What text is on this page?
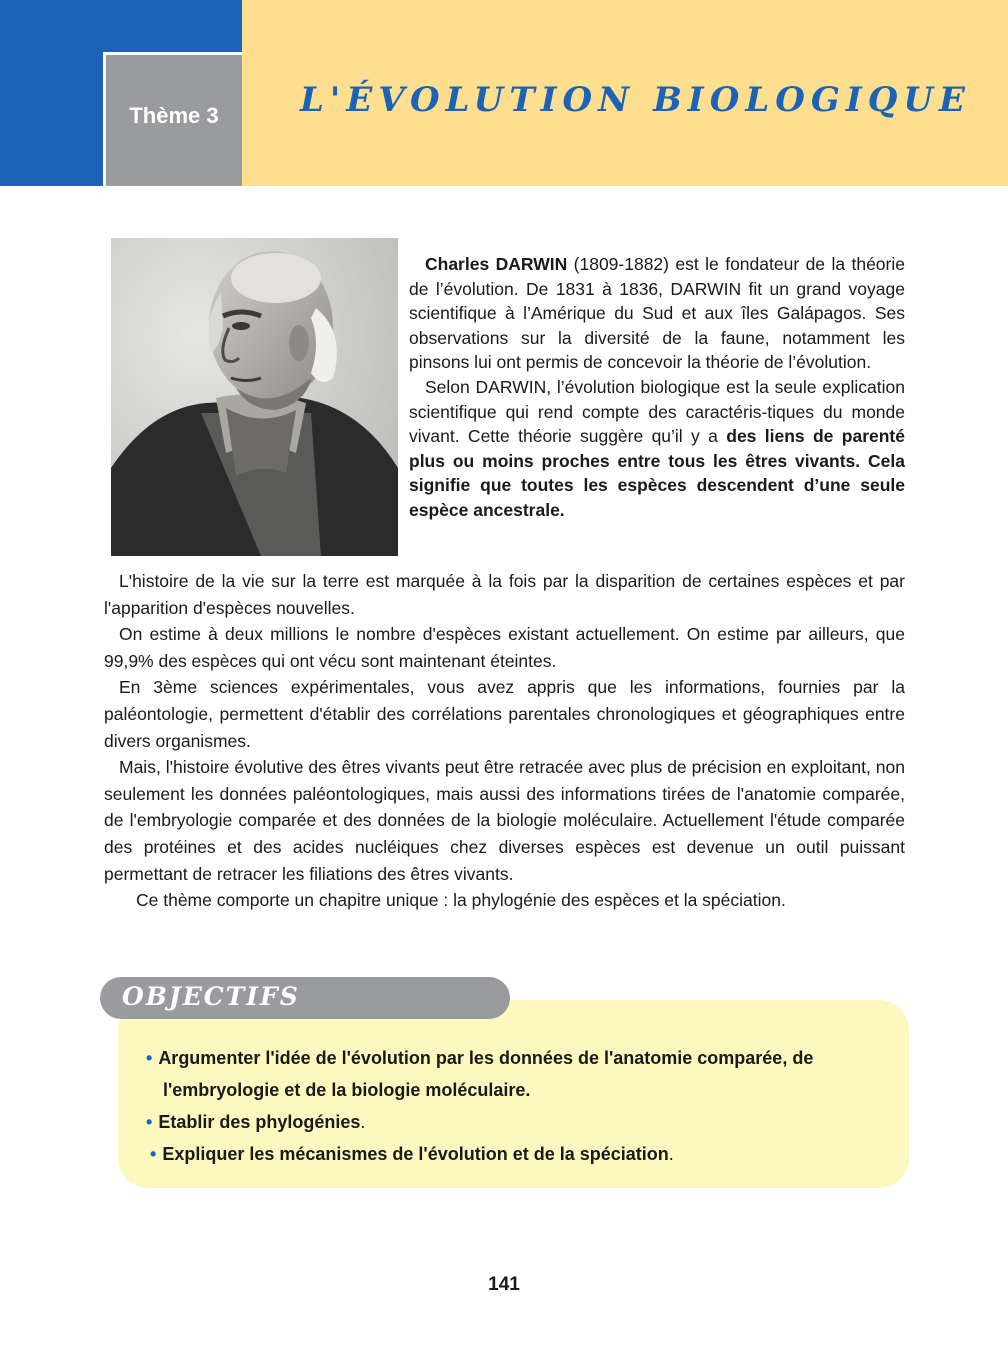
Thème 3	L'ÉVOLUTION BIOLOGIQUE

Charles DARWIN (1809-1882) est le fondateur de la théorie de l’évolution. De 1831 à 1836, DARWIN fit un grand voyage scientifique à l’Amérique du Sud et aux îles Galápagos. Ses observations sur la diversité de la faune, notamment les pinsons lui ont permis de concevoir la théorie de l’évolution.

Selon DARWIN, l’évolution biologique est la seule explication scientifique qui rend compte des caractéris-tiques du monde vivant. Cette théorie suggère qu’il y a des liens de parenté plus ou moins proches entre tous les êtres vivants. Cela signifie que toutes les espèces descendent d’une seule espèce ancestrale.

L'histoire de la vie sur la terre est marquée à la fois par la disparition de certaines espèces et par l'apparition d'espèces nouvelles.

On estime à deux millions le nombre d'espèces existant actuellement. On estime par ailleurs, que 99,9% des espèces qui ont vécu sont maintenant éteintes.

En 3ème sciences expérimentales, vous avez appris que les informations, fournies par la paléontologie, permettent d'établir des corrélations parentales chronologiques et géographiques entre divers organismes.

Mais, l'histoire évolutive des êtres vivants peut être retracée avec plus de précision en exploitant, non seulement les données paléontologiques, mais aussi des informations tirées de l'anatomie comparée, de l'embryologie comparée et des données de la biologie moléculaire. Actuellement l'étude comparée des protéines et des acides nucléiques chez diverses espèces est devenue un outil puissant permettant de retracer les filiations des êtres vivants.

Ce thème comporte un chapitre unique : la phylogénie des espèces et la spéciation.

OBJECTIFS
• Argumenter l'idée de l'évolution par les données de l'anatomie comparée, de
l'embryologie et de la biologie moléculaire.
• Etablir des phylogénies.
• Expliquer les mécanismes de l'évolution et de la spéciation.
141
